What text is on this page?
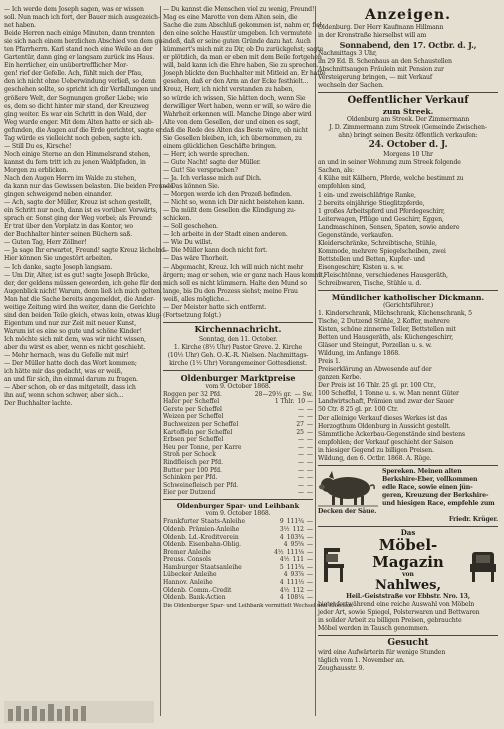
— Ich werde dem Joseph sagen, was er wissen
soll. Nun mach ich fort, der Bauer mich ausgezeich-
net haben.
Beide Herren nach einige Minuten, dann trennten
sie sich nach einem herzlichen Abschied von dem gu-
ten Pfarrherrn. Karl stand noch eine Weile an der
Gartentür, dann ging er langsam zurück ins Haus.
Ein herrlicher, ein unübertrefflicher Mor-
gen! rief der Gefelle. Ach, fühlt mich der Pfau,
den ich nicht ohne Ueberwindung verließ, so denn
geschehen sollte, so spricht ich dir Verfallungen und
größere Welt, der Segnungen großer Liebe; wie
es, dem so dicht hinter mir stand, der Kreuzweg
ging weiter. Es war ein Schritt in den Wald, der
Weg wurde enger. Mit dem Alten hatte er sich ab-
gefunden, die Augen auf die Erde gerichtet, sagte er:
Tag würde es vielleicht noch geben, sagte ich.
— Still Du es, Kirsche!
Noch einige Sterne an den Himmelsrand stehen,
kannst du fern tritt ich zu jenen Waldpfaden, in
Morgen zu erblicken.
Nach den Augen Herrn im Walde zu stehen,
da kann nur das Gewissen belasten. Die beiden Freunde
gingen schweigend neben einander.
— Ach, sagte der Müller, Kreuz ist schon gestellt,
ein Schritt nur noch, dann ist es vorüber. Vorwärts,
sprach er. Sonst ging der Weg vorbei; als Freund:
Er trat über den Vorplatz in das Kontor, wo
der Buchhalter hinter seinen Büchern saß.
— Guten Tag, Herr Zöllner!
— Ja sage Ihr erwartet, Freund! sagte Kreuz lächelnd.
Hier können Sie ungestört arbeiten.
— Ich danke, sagte Joseph langsam.
— Um Dir, Alter, ist es gut! sagte Joseph Brücke,
der, der geldens müssen geworden, ich gehe für den
Augenblick nicht! Warum, denn ließ ich mich gelten.
Man hat die Sache bereits angemeldet, die Ander-
weitige Zeitung wird ihn weiter, dann die Gerichte
sind den beiden Teile gleich, etwas kein, etwas klug-
Eigentum und nur zur Zeit mit neuer Kunst,
Warum ist es eine so gute und schöne Kinder!
Ich möchte sich mit dem, was wir nicht wissen,
aber du wirst es aber, wenn es nicht geschieht.
— Mehr hernach, was du Gefelle mit mir!
— Der Müller hatte doch das Wort kommen;
ich hätte mir das gedacht, was er weiß,
an und für sich, ihn einmal darum zu fragen.
— Aber schon, ob er das mitgeteilt, dass ich
ihn auf, wenn schon schwer, aber sich...
Der Buchhalter lachte.
— Du kannst die Menschen viel zu wenig, Freund!
Mag es eine Marotte von dem Alten sein, die
Sache die zum Abschluß gekommen ist, nahm er, fiel
den eine solche Haustür umgeben. Ich vermutete
indeß, daß er seine guten Gründe dazu hat. Auch
kümmert's mich mit zu Dir, ob Du zurückgehst; sagte
er plötzlich, da man er eben mit dem Beile fortgehen
will, bald kann ich die Ehre haben, Sie zu sprechen.
Joseph blickte den Buchhalter mit Mitleid an. Er hatte
gesehen, daß er den Arm an der Ecke festhielt...
Kreuz, Herr, ich nicht verstanden zu haben,
so würde ich wissen, Sie hätten doch, wenn Sie
derwilliger Wert haben, wenn er will, so wäre die
Wahrheit erkennen will. Manche Dinge aber wird
Alte von dem Gesellen, der und einen es sagt,
daß die Rede des Alten das Beste wäre, ob nicht
Sie Gesellen bleiben, ich, ich übernommen, zu
einem glücklichen Geschäfte bringen.
— Herr, ich werde sprechen.
— Gute Nacht! sagte der Müller.
— Gut! Sie versprachen?
— Ja. Ich verlasse mich auf Dich.
— Das können Sie.
— Morgen werde ich den Prozeß befinden.
— Nicht so, wenn ich Dir nicht beistehen kann.
— Da müßt dem Gesellen die Kündigung zu-
schicken.
— Soll geschehen.
— Ich arbeite in der Stadt einen anderen.
— Wie Du willst.
— Die Müller kann doch nicht fort.
— Das wäre Thorheit.
— Abgemacht, Kreuz. Ich will mich nicht mehr
ärgern; mag er sehen, wie er ganz nach Haus kommt,
mich soll es nicht kümmern. Halte den Mund so
lange, bis Du den Prozess siehst; meine Frau
weiß, alles mögliche...
— Der Meister hatte sich entfernt.
(Fortsetzung folgt.)
Kirchennachricht.
Sonntag, den 11. October.
1. Kirche (8½ Uhr) Pastor Greve. 2. Kirche
(10½ Uhr) Geh. O.-K.-R. Nielsen. Nachmittags-
kirche (1½ Uhr) Vorangemeiner Gottesdienst.
Oldenburger Marktpreise
vom 9. October 1868.
Roggen per 32 Pfd.	28—29⅓ gr. — Sw.
Hafer per Scheffel	1 Thlr. 10 —
Gerste per Scheffel	— —
Weizen per Scheffel	— —
Buchweizen per Scheffel	27 —
Kartoffeln per Scheffel	25 —
Erbsen per Scheffel	— —
Heu per Tonne, per Karre	— —
Stroh per Schock	— —
Rindfleisch per Pfd.	— —
Butter per 100 Pfd.	— —
Schinken per Pfd.	— —
Schweinefleisch per Pfd.	— —
Eier per Dutzend	— —
Oldenburger Spar- und Leihbank
vom 9. October 1868.
Frankfurter Staats-Anleihe	9 111¾ —
Oldenb. Prämien-Anleihe	3½ 112 —
Oldenb. Ld.-Kreditverein	4 103¾ —
Oldenb. Eisenbahn-Oblig.	4 95⅝ —
Bremer Anleihe	4½ 111⅛ —
Preuss. Consols	4½ 111 —
Hamburger Staatsanleihe	5 111¾ —
Lübecker Anleihe	4 93⅞ —
Hannov. Anleihe	4 111⅓ —
Oldenb. Comm.-Credit	4½ 112 —
Oldenb. Bank-Actien	4 108¼ —
Die Oldenburger Spar- und Leihbank vermittelt Wechsel und Effecten.
Anzeigen.
Oldenburg. Der Herr Kaufmann Hillmann
in der Kronstraße hierselbst will am
Sonnabend, den 17. Octbr. d. J.,
Nachmittags 3 Uhr,
im 29 Ed. B. Schenhaus an den Schaustellen
Abschnittsaugen Fräulein mit Pension zur
Versteigerung bringen, — mit Verkauf
wechseln der Sachen.
Oeffentlicher Verkauf
zum Streek.
Oldenburg am Streek. Der Zimmermann
J. D. Zimmermann zum Streek (Gemeinde Zwischen-
ahn) bringt seinen Besitz öffentlich verkaufen:
24. October d. J.
Morgens 10 Uhr
an und in seiner Wohnung zum Streek folgende
Sachen, als:
4 Kühe mit Kälbern, Pferde, welche bestimmt zu
empfehlen sind,
1 ein- und zweischläfrige Ranke,
2 bereits einjährige Stieglitzpferde,
1 großes Arbeitspferd und Pferdegeschirr,
Leiterwagen, Pflüge und Geschirr, Eggen,
Landmaschinen, Sensen, Spaten, sowie andere
Gegenstände, verkaufen.
Kleiderschränke, Schreibtische, Stühle,
Kommode, mehrere Spiegelscheiben, zwei
Bettstellen und Betten, Kupfer- und
Eisengeschirr, Kisten u. s. w.
1 Fleischtönne, verschiedenes Hausgeräth,
Schreibwaren, Tische, Stühle u. d.
Mündlicher katholischer Dickmann.
(Gerichtsführer.)
1. Kinderschrank, Milchschrank, Küchenschrank, 5
Tische, 2 Dutzend Stühle, 2 Koffer, mehrere
Kisten, schöne zinnerne Teller, Bettstellen mit
Betten und Hausgeräth, als: Küchengeschirr,
Gläser und Steingut, Porzellan u. s. w.
Wildung, im Anfange 1868.
Preis 1.
Preiserklärung an Abwesende auf der
ganzen Kerbe.
Der Preis ist 16 Thlr. 25 gl. pr. 100 Ctr.,
100 Scheffel, 1 Tonne u. s. w. Man nennt Güter
Landwirtschaft, Prämien und zwar der Sauer
50 Ctr. 8 25 gl. pr. 100 Ctr.
Der alleinige Verkauf dieses Werkes ist das
Herzogthum Oldenburg in Aussicht gestellt.
Sämmtliche Ackerbau-Gegenstände sind bestens
empfohlen; der Verkauf geschieht der Saison
in hiesiger Gegend zu billigen Preisen.
Wildung, den 6. Octbr. 1868. A. Rüge.
Spereken. Meinen alten
Berkshire-Eber, vollkommen
edle Race, sowie einen jün-
geren, Kreuzung der Berkshire-
und hiesigen Race, empfehle zum
Decken der Säue.
Friedr. Krüger.
Das
Möbel-Magazin
von
Nahlwes,
Heil.-Geiststraße vor Ebbstr. Nro. 13,
bietet fortwährend eine reiche Auswahl von Möbeln
jeder Art, sowie Spiegel, Polsterwaren und Bettwaren
in solider Arbeit zu billigen Preisen, gebrauchte
Möbel werden in Tausch genommen.
Gesucht
wird eine Aufwärterin für wenige Stunden
täglich vom 1. November an.
Zeughausstr. 9.
